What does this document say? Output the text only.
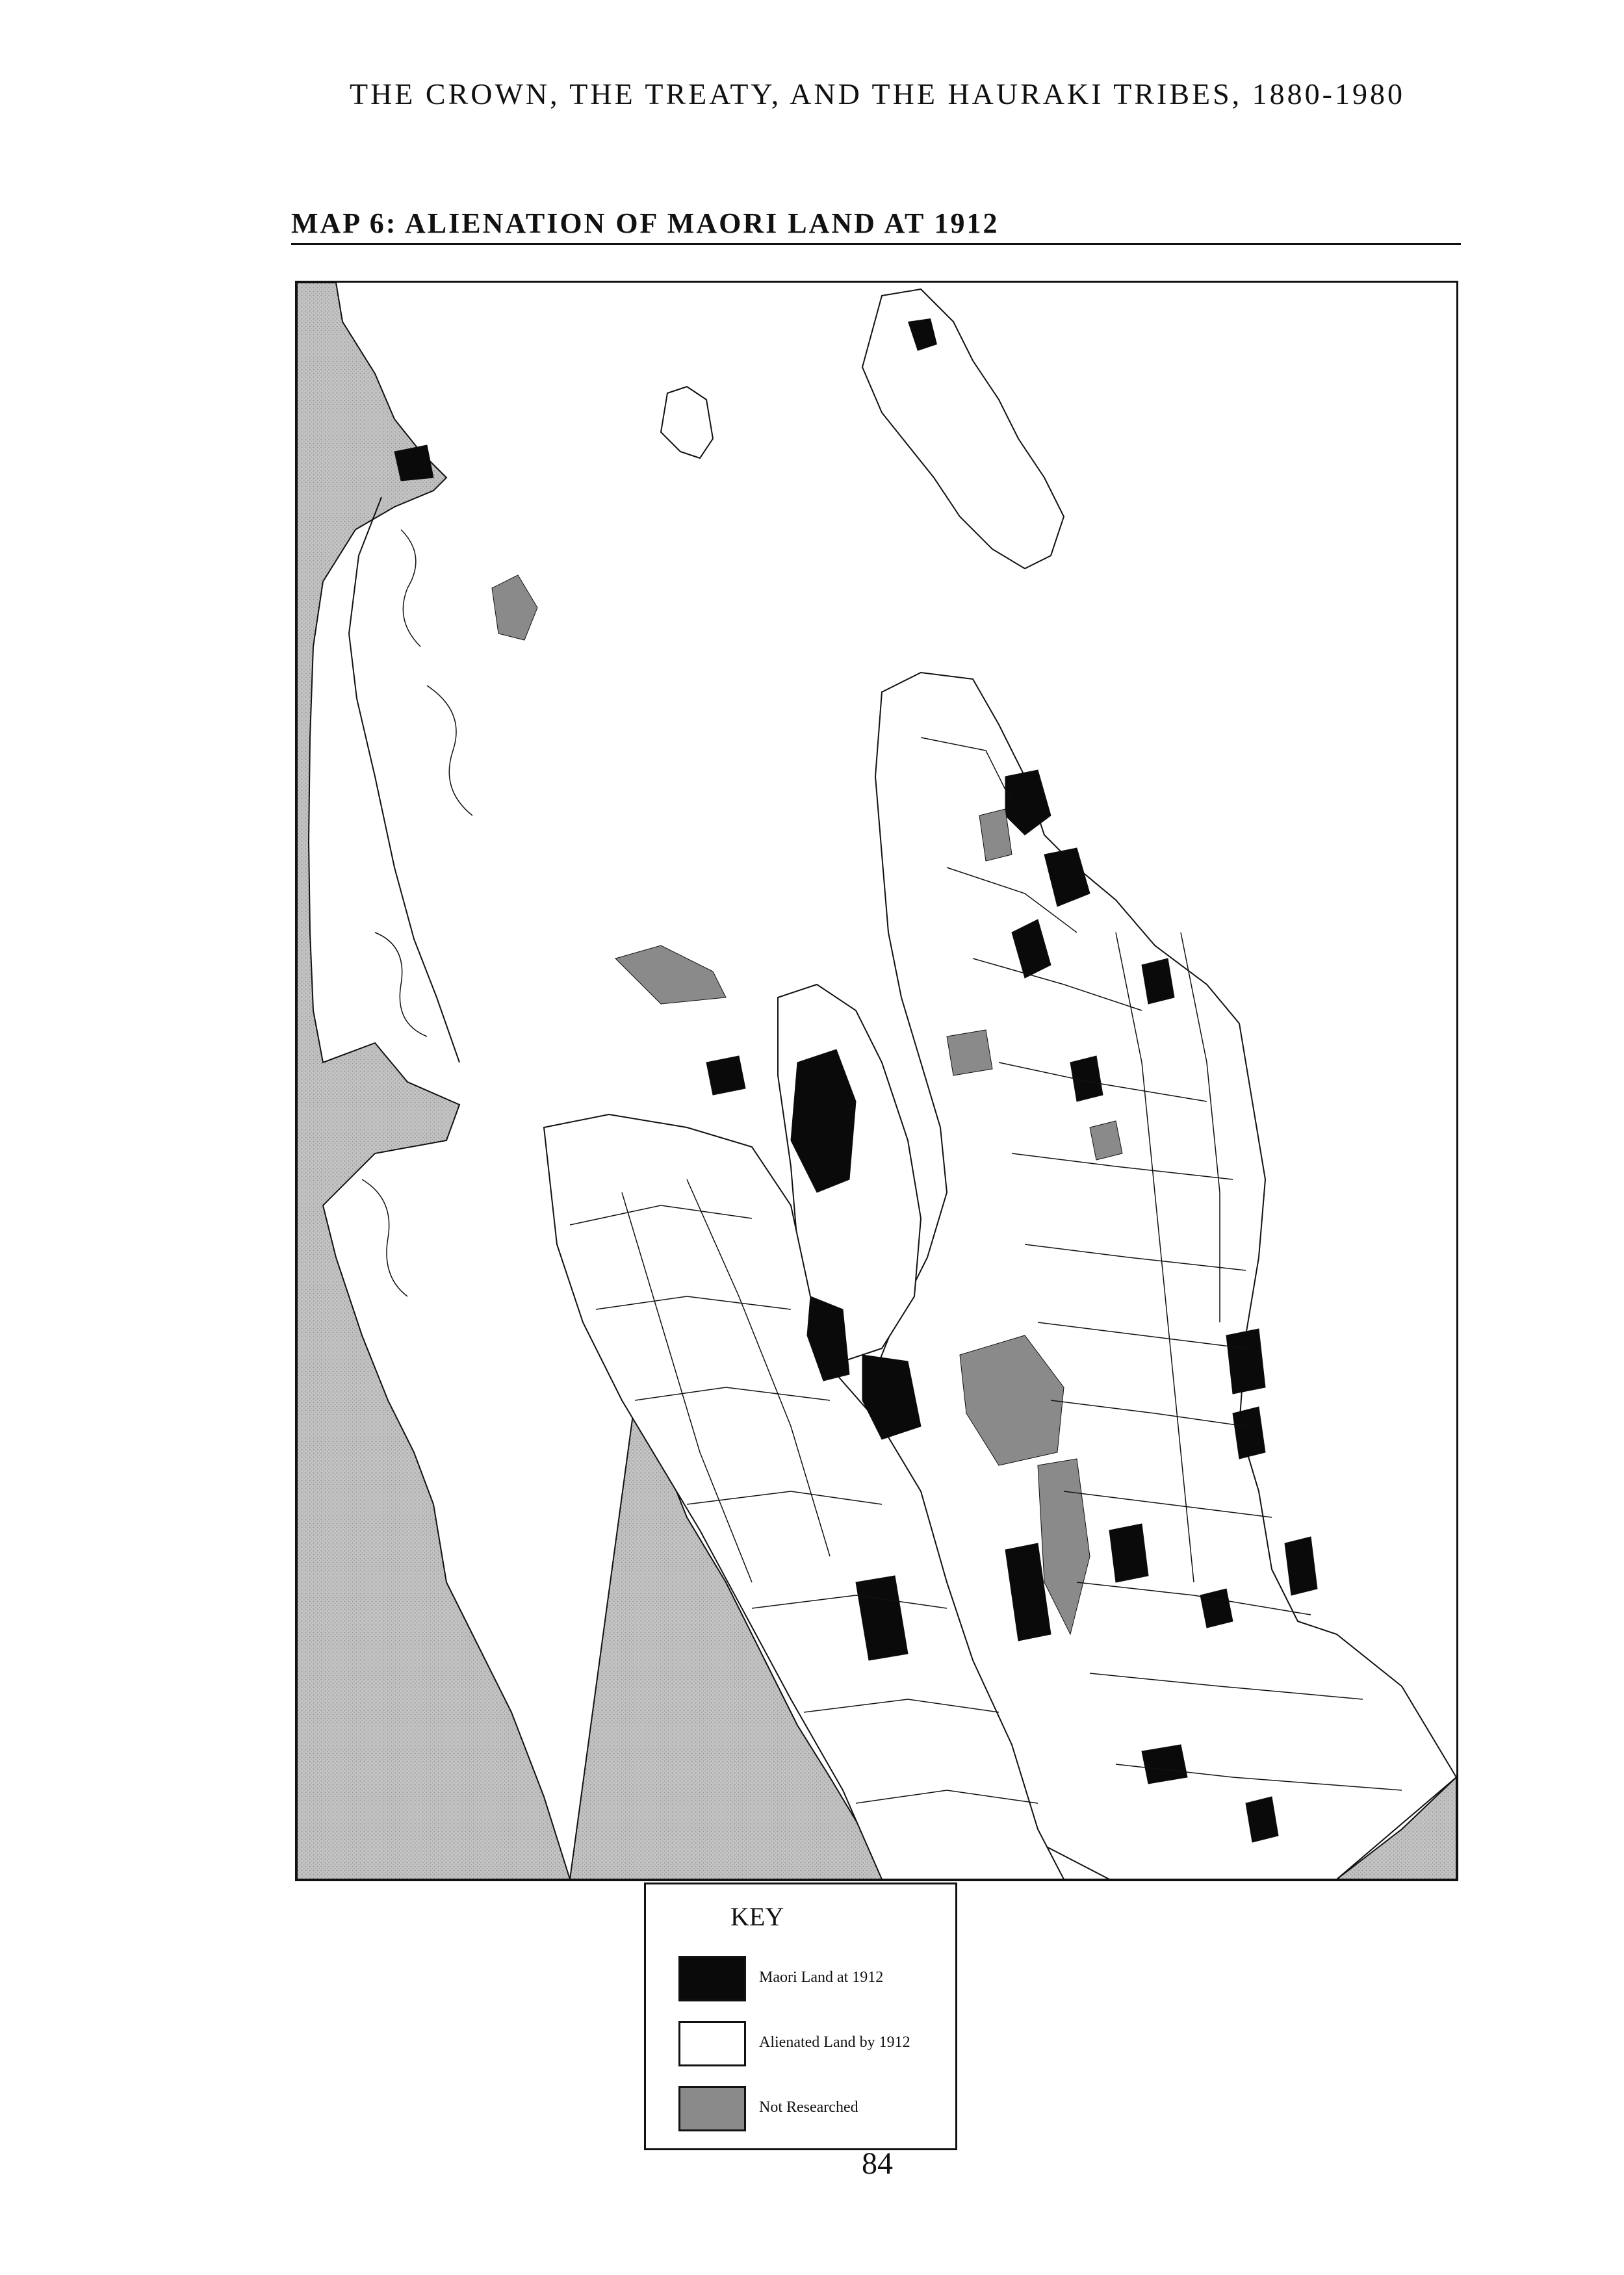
THE CROWN, THE TREATY, AND THE HAURAKI TRIBES, 1880-1980
MAP 6: ALIENATION OF MAORI LAND AT 1912
KEY
Maori Land at 1912
Alienated Land by 1912
Not Researched
84
